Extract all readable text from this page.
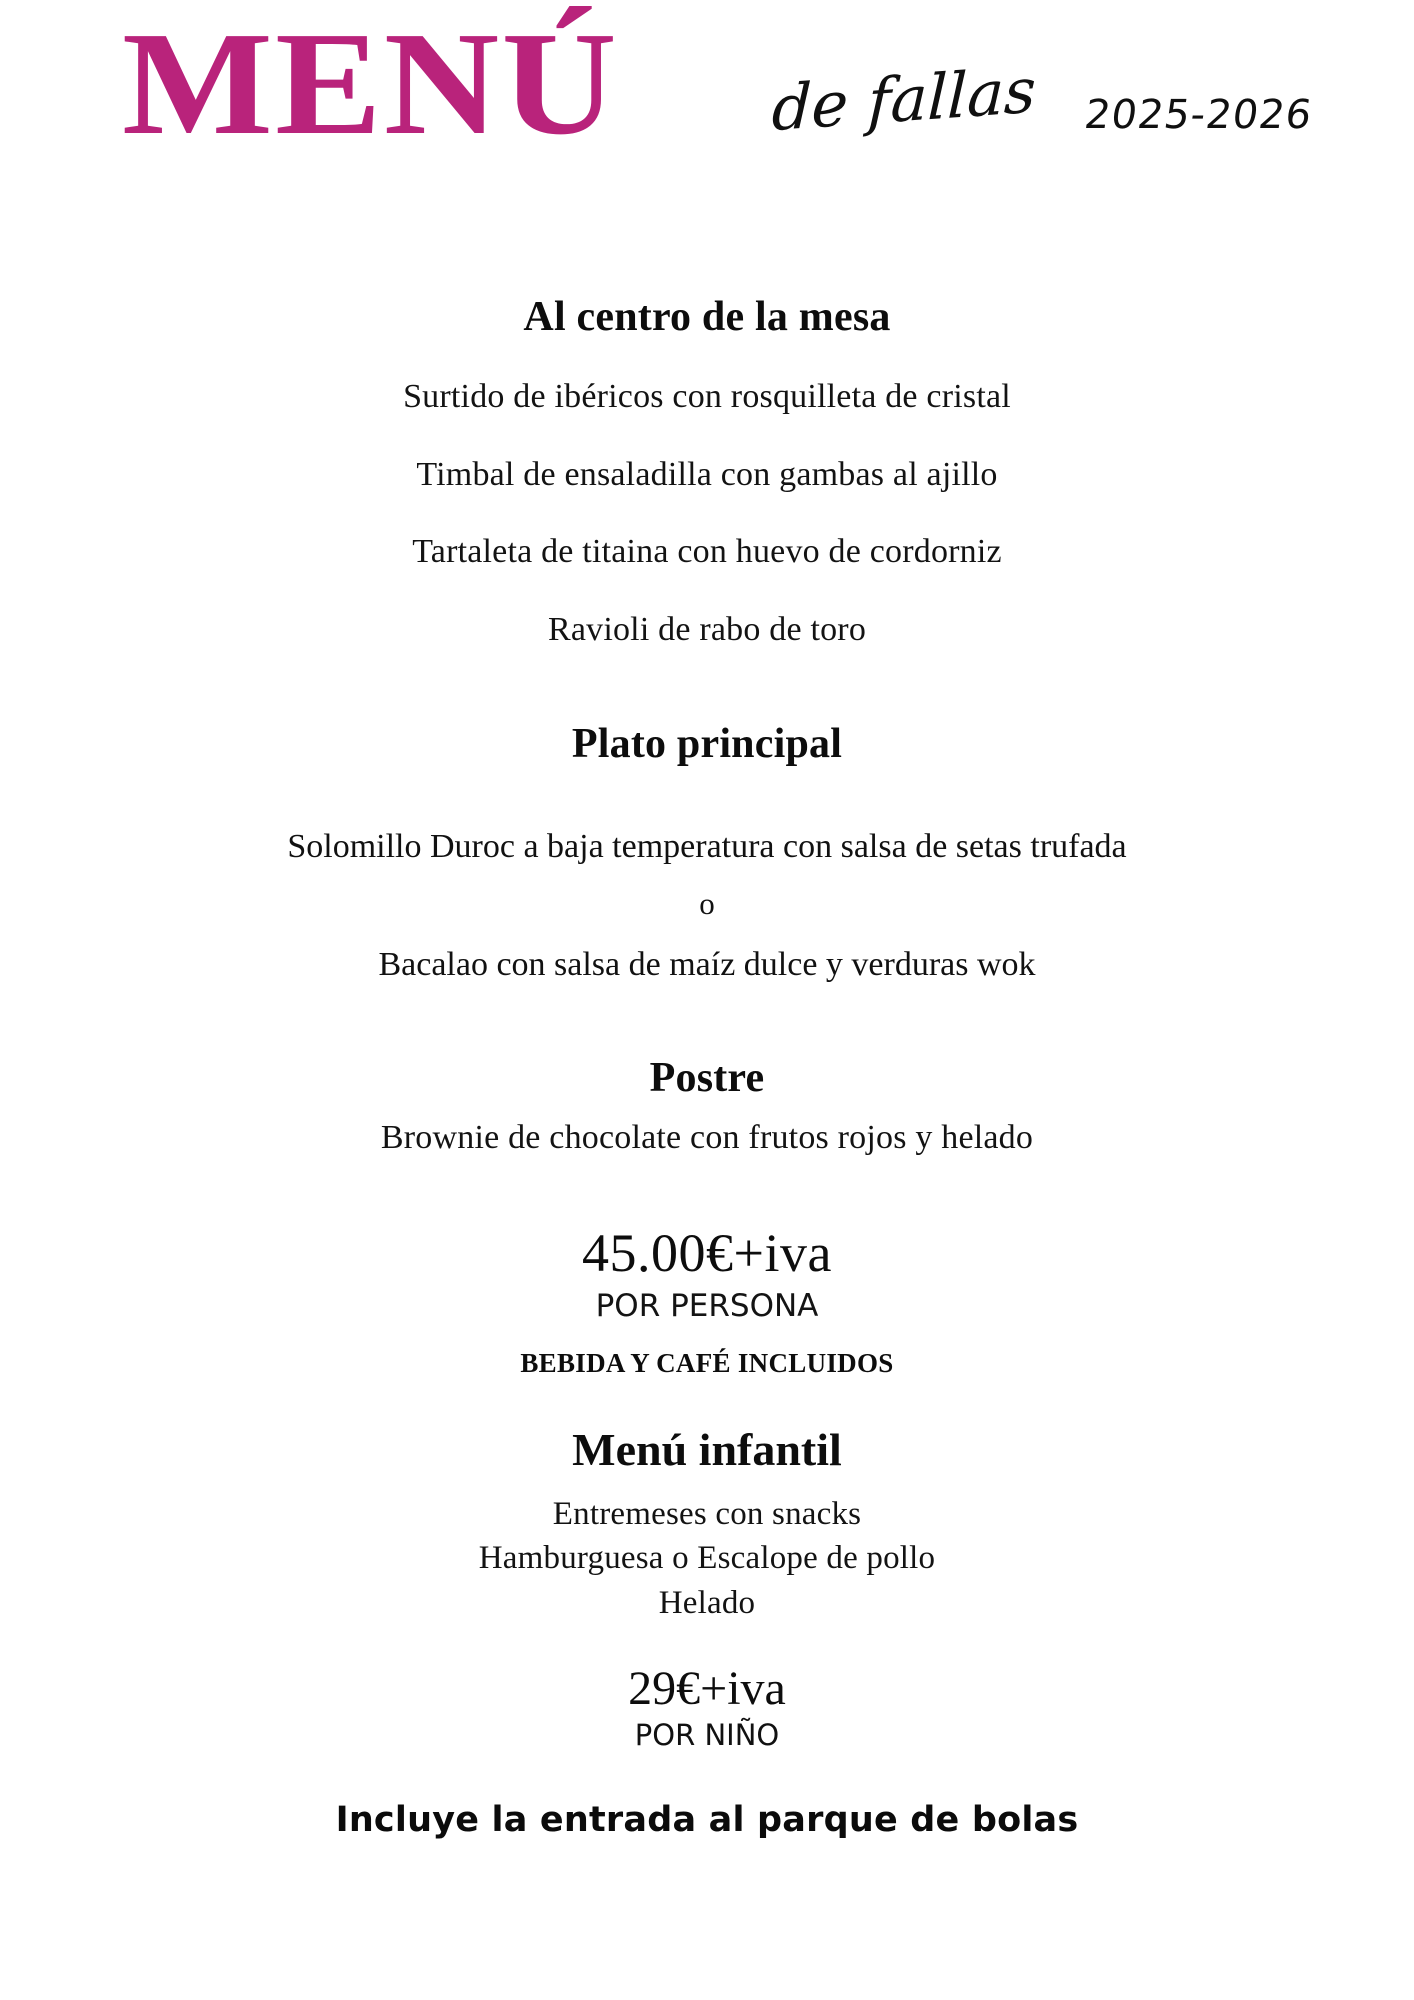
MENÚ de fallas 2025-2026
Al centro de la mesa
Surtido de ibéricos con rosquilleta de cristal
Timbal de ensaladilla con gambas al ajillo
Tartaleta de titaina con huevo de cordorniz
Ravioli de rabo de toro
Plato principal
Solomillo Duroc a baja temperatura con salsa de setas trufada
o
Bacalao con salsa de maíz dulce y verduras wok
Postre
Brownie de chocolate con frutos rojos y helado
45.00€+iva
POR PERSONA
BEBIDA Y CAFÉ INCLUIDOS
Menú infantil
Entremeses con snacks
Hamburguesa o Escalope de pollo
Helado
29€+iva
POR NIÑO
Incluye la entrada al parque de bolas
